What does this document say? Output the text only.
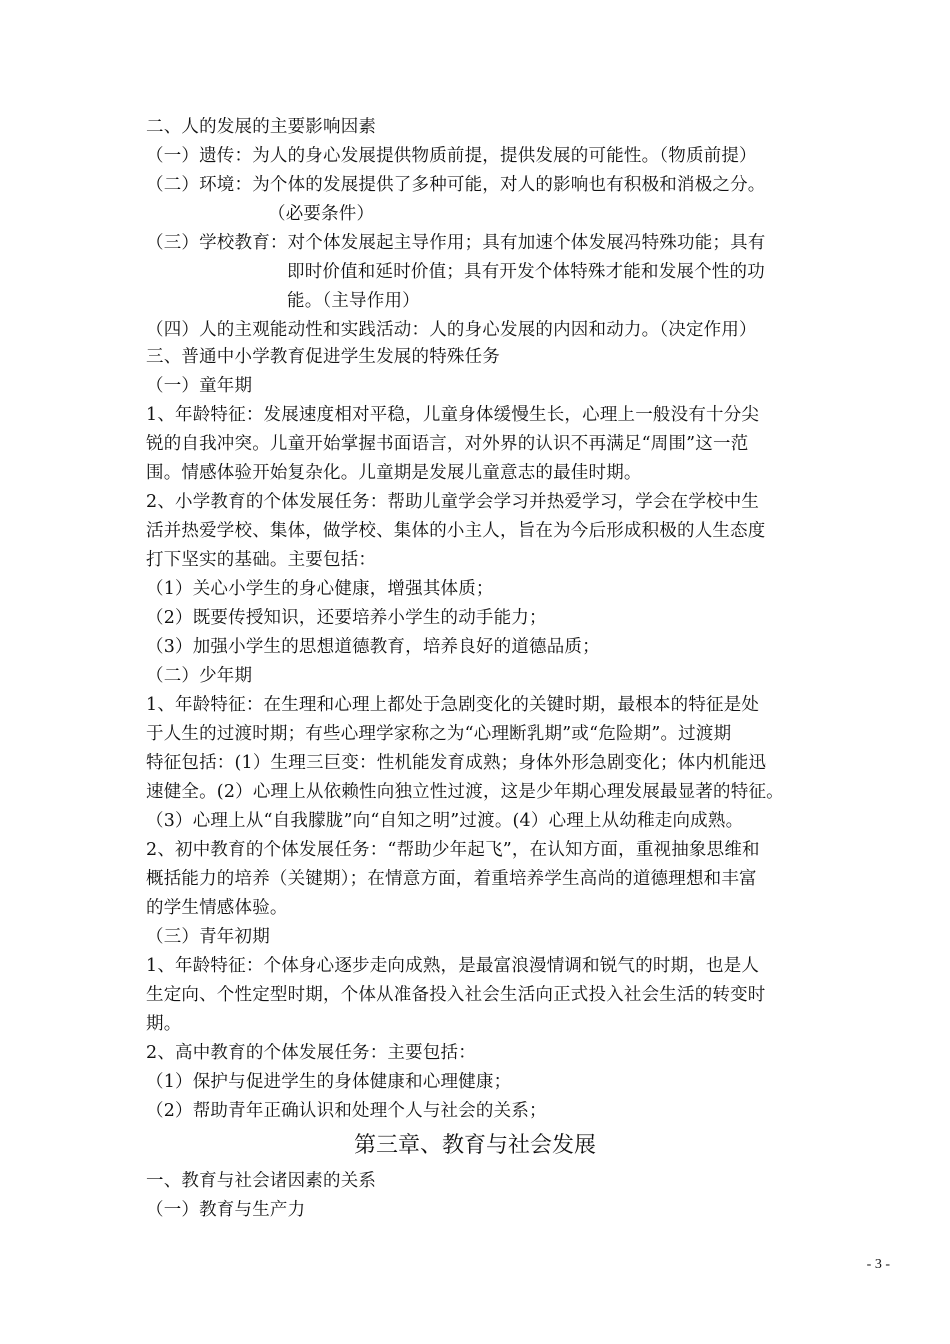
二、人的发展的主要影响因素
（一）遗传：为人的身心发展提供物质前提，提供发展的可能性。（物质前提）
（二）环境：为个体的发展提供了多种可能，对人的影响也有积极和消极之分。
（必要条件）
（三）学校教育：对个体发展起主导作用；具有加速个体发展冯特殊功能；具有
即时价值和延时价值；具有开发个体特殊才能和发展个性的功
能。（主导作用）
（四）人的主观能动性和实践活动：人的身心发展的内因和动力。（决定作用）
三、普通中小学教育促进学生发展的特殊任务
（一）童年期
1、年龄特征：发展速度相对平稳，儿童身体缓慢生长，心理上一般没有十分尖
锐的自我冲突。儿童开始掌握书面语言，对外界的认识不再满足“周围”这一范
围。情感体验开始复杂化。儿童期是发展儿童意志的最佳时期。
2、小学教育的个体发展任务：帮助儿童学会学习并热爱学习，学会在学校中生
活并热爱学校、集体，做学校、集体的小主人，旨在为今后形成积极的人生态度
打下坚实的基础。主要包括：
（1）关心小学生的身心健康，增强其体质；
（2）既要传授知识，还要培养小学生的动手能力；
（3）加强小学生的思想道德教育，培养良好的道德品质；
（二）少年期
1、年龄特征：在生理和心理上都处于急剧变化的关键时期，最根本的特征是处
于人生的过渡时期；有些心理学家称之为“心理断乳期”或“危险期”。过渡期
特征包括：(1）生理三巨变：性机能发育成熟；身体外形急剧变化；体内机能迅
速健全。(2）心理上从依赖性向独立性过渡，这是少年期心理发展最显著的特征。
（3）心理上从“自我朦胧”向“自知之明”过渡。(4）心理上从幼稚走向成熟。
2、初中教育的个体发展任务：“帮助少年起飞”，在认知方面，重视抽象思维和
概括能力的培养（关键期）；在情意方面，着重培养学生高尚的道德理想和丰富
的学生情感体验。
（三）青年初期
1、年龄特征：个体身心逐步走向成熟，是最富浪漫情调和锐气的时期，也是人
生定向、个性定型时期，个体从准备投入社会生活向正式投入社会生活的转变时
期。
2、高中教育的个体发展任务：主要包括：
（1）保护与促进学生的身体健康和心理健康；
（2）帮助青年正确认识和处理个人与社会的关系；
第三章、教育与社会发展
一、教育与社会诸因素的关系
（一）教育与生产力
- 3 -
